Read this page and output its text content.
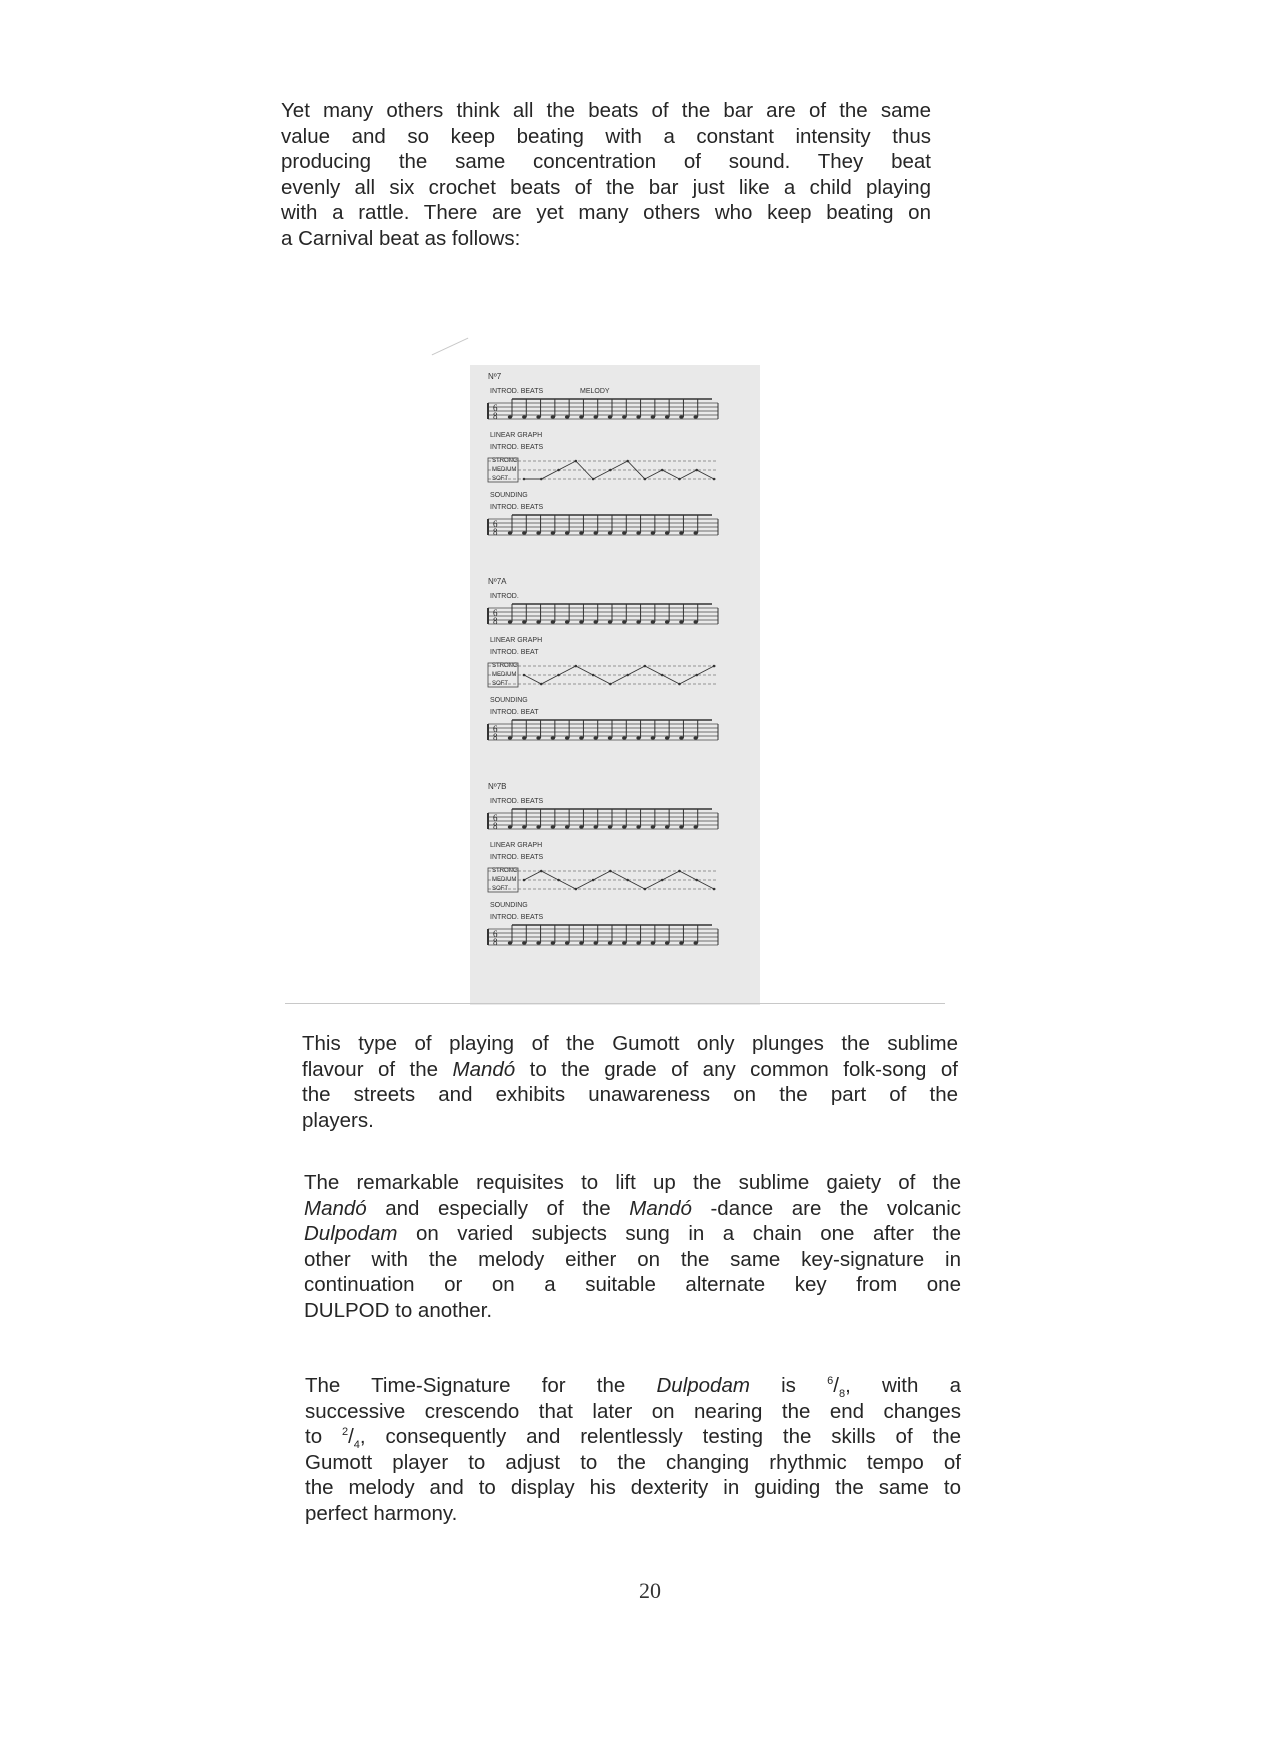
Yet many others think all the beats of the bar are of the same
value and so keep beating with a constant intensity thus
producing the same concentration of sound. They beat
evenly all six crochet beats of the bar just like a child playing
with a rattle. There are yet many others who keep beating on
a Carnival beat as follows:

Nº7
INTROD. BEATS	MELODY
6
8
LINEAR GRAPH
INTROD. BEATS
STRONG
MEDIUM
SOFT
SOUNDING
INTROD. BEATS
6
8
Nº7A
INTROD.
6
8
LINEAR GRAPH
INTROD. BEAT
STRONG
MEDIUM
SOFT
SOUNDING
INTROD. BEAT
6
8
Nº7B
INTROD. BEATS
6
8
LINEAR GRAPH
INTROD. BEATS
STRONG
MEDIUM
SOFT
SOUNDING
INTROD. BEATS
6
8

This type of playing of the Gumott only plunges the sublime
flavour of the Mandó to the grade of any common folk-song of
the streets and exhibits unawareness on the part of the
players.

The remarkable requisites to lift up the sublime gaiety of the
Mandó and especially of the Mandó -dance are the volcanic
Dulpodam on varied subjects sung in a chain one after the
other with the melody either on the same key-signature in
continuation or on a suitable alternate key from one
DULPOD to another.

The Time-Signature for the Dulpodam is $^6/_8$, with a
successive crescendo that later on nearing the end changes
to $^2/_4$, consequently and relentlessly testing the skills of the
Gumott player to adjust to the changing rhythmic tempo of
the melody and to display his dexterity in guiding the same to
perfect harmony.

20
